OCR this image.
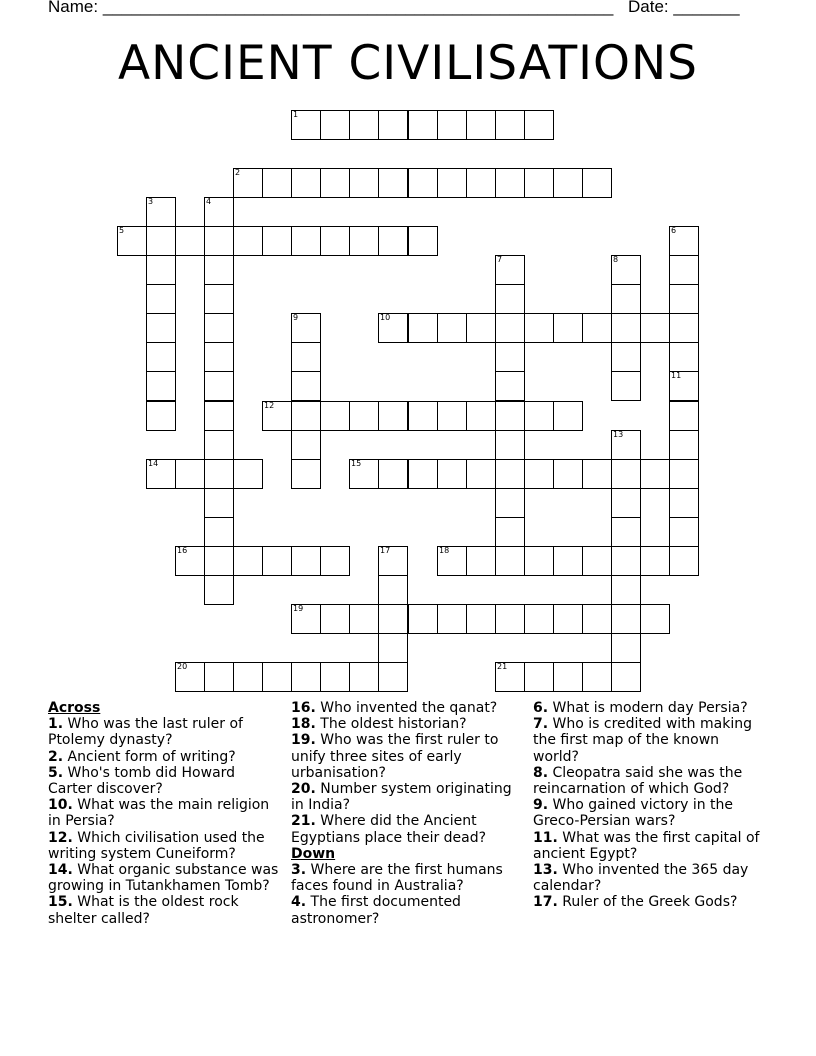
Name: ______________________________________________________ Date: _______
ANCIENT CIVILISATIONS
1
2
3	4
5	6
7	8
9	10
11
12
13
14	15
16	17	18
19
20	21
Across
1. Who was the last ruler of Ptolemy dynasty?
2. Ancient form of writing?
5. Who's tomb did Howard Carter discover?
10. What was the main religion in Persia?
12. Which civilisation used the writing system Cuneiform?
14. What organic substance was growing in Tutankhamen Tomb?
15. What is the oldest rock shelter called?
16. Who invented the qanat?
18. The oldest historian?
19. Who was the first ruler to unify three sites of early urbanisation?
20. Number system originating in India?
21. Where did the Ancient Egyptians place their dead?
Down
3. Where are the first humans faces found in Australia?
4. The first documented astronomer?
6. What is modern day Persia?
7. Who is credited with making the first map of the known world?
8. Cleopatra said she was the reincarnation of which God?
9. Who gained victory in the Greco-Persian wars?
11. What was the first capital of ancient Egypt?
13. Who invented the 365 day calendar?
17. Ruler of the Greek Gods?
